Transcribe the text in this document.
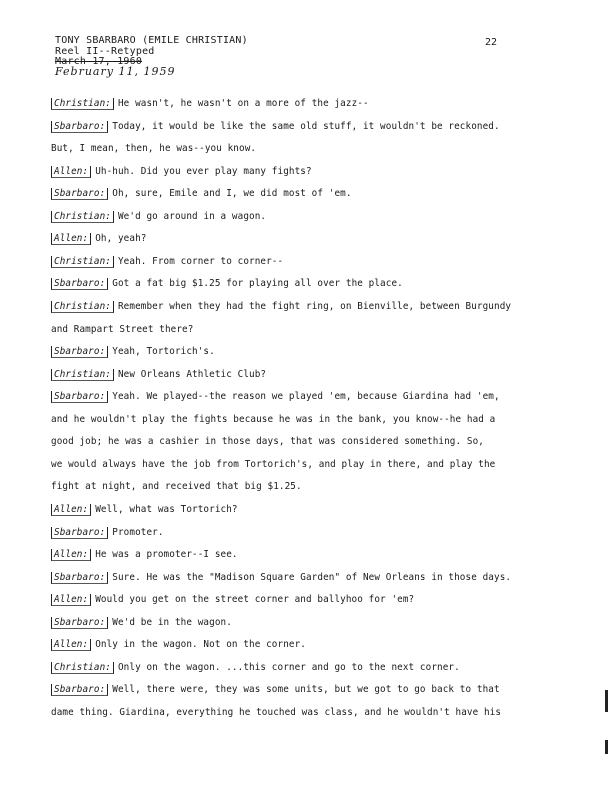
TONY SBARBARO (EMILE CHRISTIAN)
Reel II--Retyped
March 17, 1960
February 11, 1959
22
Christian: He wasn't, he wasn't on a more of the jazz--
Sbarbaro: Today, it would be like the same old stuff, it wouldn't be reckoned.
But, I mean, then, he was--you know.
Allen: Uh-huh. Did you ever play many fights?
Sbarbaro: Oh, sure, Emile and I, we did most of 'em.
Christian: We'd go around in a wagon.
Allen: Oh, yeah?
Christian: Yeah. From corner to corner--
Sbarbaro: Got a fat big $1.25 for playing all over the place.
Christian: Remember when they had the fight ring, on Bienville, between Burgundy
and Rampart Street there?
Sbarbaro: Yeah, Tortorich's.
Christian: New Orleans Athletic Club?
Sbarbaro: Yeah. We played--the reason we played 'em, because Giardina had 'em,
and he wouldn't play the fights because he was in the bank, you know--he had a
good job; he was a cashier in those days, that was considered something. So,
we would always have the job from Tortorich's, and play in there, and play the
fight at night, and received that big $1.25.
Allen: Well, what was Tortorich?
Sbarbaro: Promoter.
Allen: He was a promoter--I see.
Sbarbaro: Sure. He was the "Madison Square Garden" of New Orleans in those days.
Allen: Would you get on the street corner and ballyhoo for 'em?
Sbarbaro: We'd be in the wagon.
Allen: Only in the wagon. Not on the corner.
Christian: Only on the wagon. ...this corner and go to the next corner.
Sbarbaro: Well, there were, they was some units, but we got to go back to that
dame thing. Giardina, everything he touched was class, and he wouldn't have his
